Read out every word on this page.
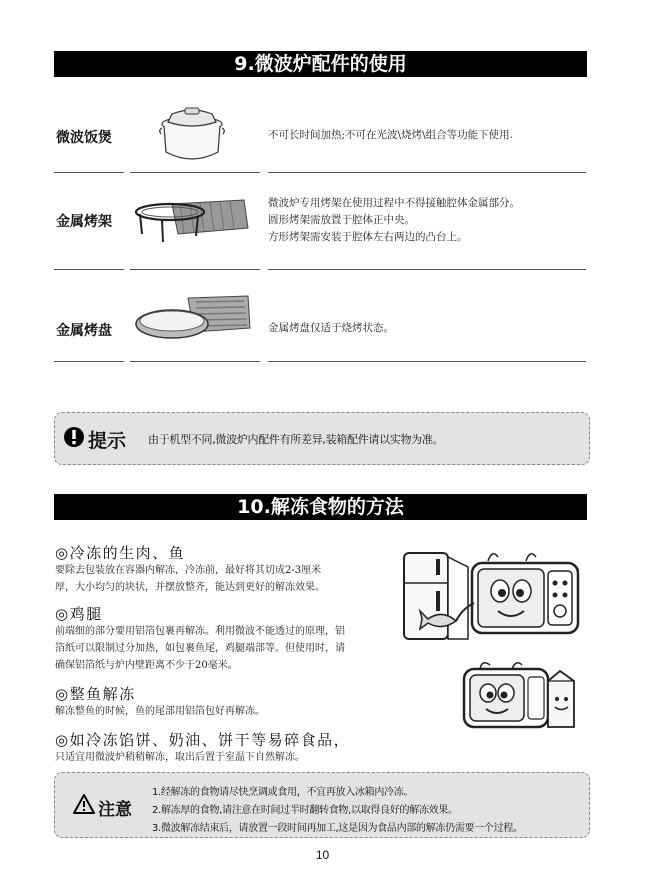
9.微波炉配件的使用
微波饭煲	不可长时间加热;不可在光波\烧烤\组合等功能下使用.
金属烤架
微波炉专用烤架在使用过程中不得接触腔体金属部分。
圆形烤架需放置于腔体正中央。
方形烤架需安装于腔体左右两边的凸台上。
金属烤盘	金属烤盘仅适于烧烤状态。
提示 由于机型不同,微波炉内配件有所差异,装箱配件请以实物为准。
10.解冻食物的方法
◎冷冻的生肉、鱼
要除去包装放在容器内解冻，冷冻前，最好将其切成2-3厘米
厚，大小均匀的块状，并摆放整齐，能达到更好的解冻效果。
◎鸡腿
前端细的部分要用铝箔包裹再解冻。利用微波不能透过的原理，铝
箔纸可以限制过分加热，如包裹鱼尾，鸡腿端部等。但使用时，请
确保铝箔纸与炉内壁距离不少于20毫米。
◎整鱼解冻
解冻整鱼的时候，鱼的尾部用铝箔包好再解冻。
◎如冷冻馅饼、奶油、饼干等易碎食品，
只适宜用微波炉稍稍解冻，取出后置于室温下自然解冻。
注意
1.经解冻的食物请尽快烹调或食用，不宜再放入冰箱内冷冻。
2.解冻厚的食物,请注意在时间过半时翻转食物,以取得良好的解冻效果。
3.微波解冻结束后，请放置一段时间再加工,这是因为食品内部的解冻仍需要一个过程。
10
